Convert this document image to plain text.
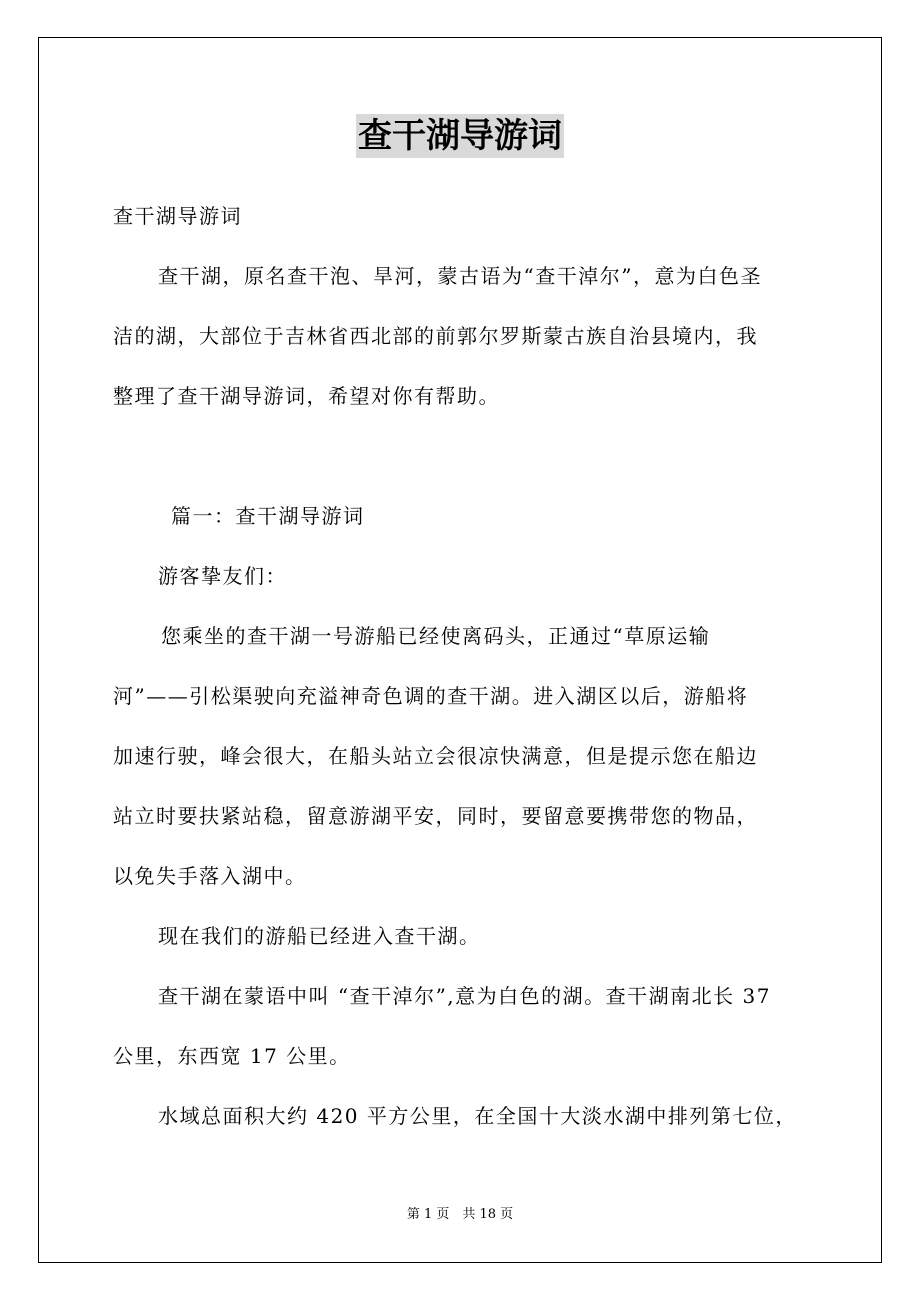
查干湖导游词
查干湖导游词
查干湖，原名查干泡、旱河，蒙古语为“查干淖尔”，意为白色圣
洁的湖，大部位于吉林省西北部的前郭尔罗斯蒙古族自治县境内，我
整理了查干湖导游词，希望对你有帮助。
篇一：查干湖导游词
游客挚友们：
您乘坐的查干湖一号游船已经使离码头，正通过“草原运输
河”——引松渠驶向充溢神奇色调的查干湖。进入湖区以后，游船将
加速行驶，峰会很大，在船头站立会很凉快满意，但是提示您在船边
站立时要扶紧站稳，留意游湖平安，同时，要留意要携带您的物品，
以免失手落入湖中。
现在我们的游船已经进入查干湖。
查干湖在蒙语中叫 “查干淖尔”,意为白色的湖。查干湖南北长 37
公里，东西宽 17 公里。
水域总面积大约 420 平方公里，在全国十大淡水湖中排列第七位，
第 1 页　共 18 页
